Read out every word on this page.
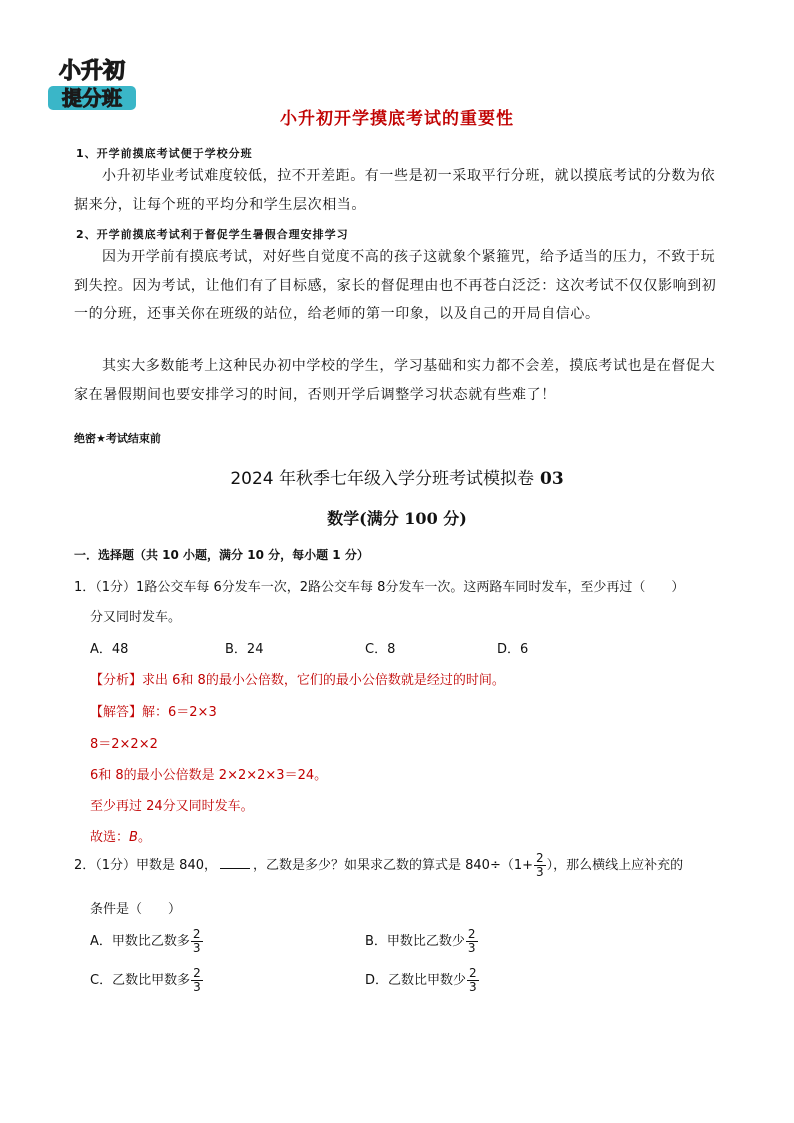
小升初
提分班
小升初开学摸底考试的重要性
1、开学前摸底考试便于学校分班
小升初毕业考试难度较低，拉不开差距。有一些是初一采取平行分班，就以摸底考试的分数为依据来分，让每个班的平均分和学生层次相当。
2、开学前摸底考试利于督促学生暑假合理安排学习
因为开学前有摸底考试，对好些自觉度不高的孩子这就象个紧箍咒，给予适当的压力，不致于玩到失控。因为考试，让他们有了目标感，家长的督促理由也不再苍白泛泛：这次考试不仅仅影响到初一的分班，还事关你在班级的站位，给老师的第一印象，以及自己的开局自信心。
其实大多数能考上这种民办初中学校的学生，学习基础和实力都不会差，摸底考试也是在督促大家在暑假期间也要安排学习的时间，否则开学后调整学习状态就有些难了！
绝密★考试结束前
2024 年秋季七年级入学分班考试模拟卷 03
数学(满分 100 分)
一．选择题（共 10 小题，满分 10 分，每小题 1 分）
1．（1分）1路公交车每 6分发车一次，2路公交车每 8分发车一次。这两路车同时发车，至少再过（　　）
分又同时发车。
A．48	B．24	C．8	D．6
【分析】求出 6和 8的最小公倍数，它们的最小公倍数就是经过的时间。
【解答】解：6＝2×3
8＝2×2×2
6和 8的最小公倍数是 2×2×2×3＝24。
至少再过 24分又同时发车。
故选：B。
2．（1分）甲数是 840，	，乙数是多少？如果求乙数的算式是 $840\div(1+ \frac{2}{3}$ ），那么横线上应补充的
条件是（　　）
A．甲数比乙数多 $\frac{2}{3}$	B．甲数比乙数少 $\frac{2}{3}$
C．乙数比甲数多 $\frac{2}{3}$	D．乙数比甲数少 $\frac{2}{3}$
